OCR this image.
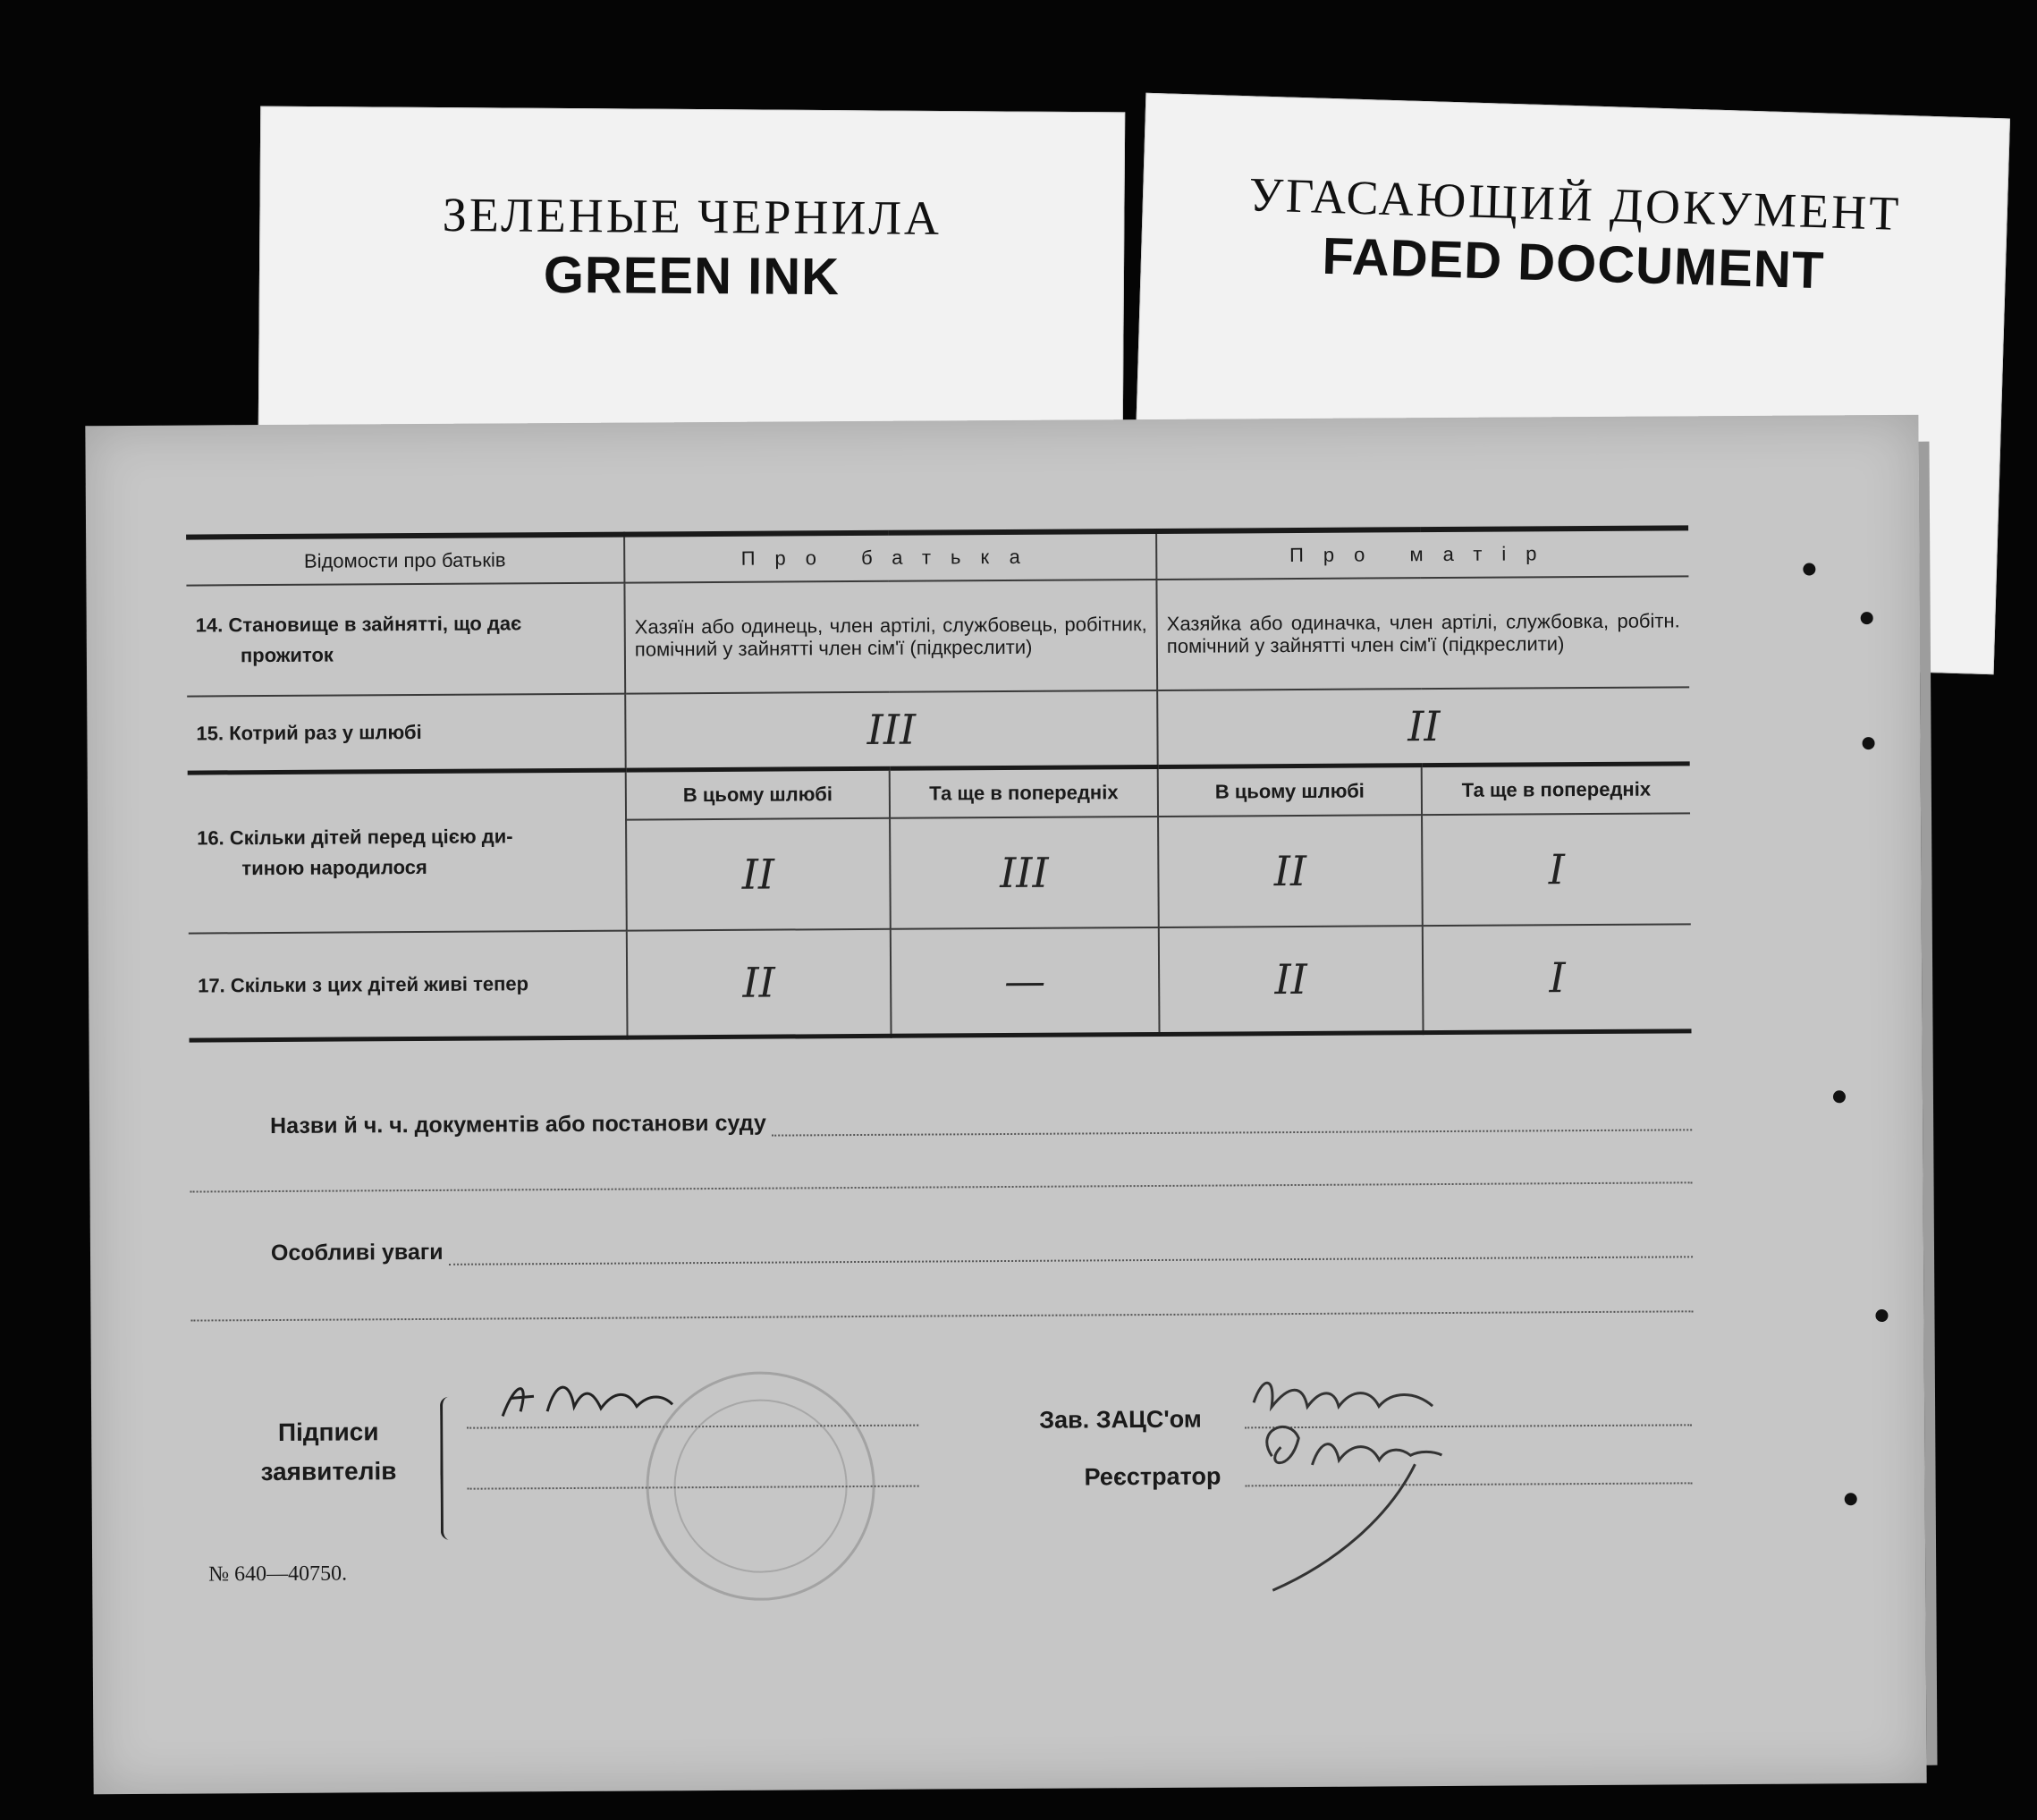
ЗЕЛЕНЫЕ ЧЕРНИЛА
GREEN INK
УГАСАЮЩИЙ ДОКУМЕНТ
FADED DOCUMENT
Відомости про батьків	Про батька		Про матір	

14. Становище в зайнятті, що дає
прожиток	Хазяїн або одинець, член артілі, службовець, робітник, помічний у зайнятті член сім'ї (підкреслити)		Хазяйка або одиначка, член артілі, службовка, робітн. помічний у зайнятті член сім'ї (підкреслити)	
15. Котрий раз у шлюбі	III		II	

16. Скільки дітей перед цією ди-
тиною народилося	В цьому шлюбі	Та ще в попередніх	В цьому шлюбі	Та ще в попередніх
	II	III	II	I
17. Скільки з цих дітей живі тепер	II	—	II	I
Назви й ч. ч. документів або постанови суду
Особливі уваги
Підписи
заявителів
Зав. ЗАЦС'ом
Реєстратор
№ 640—40750.
